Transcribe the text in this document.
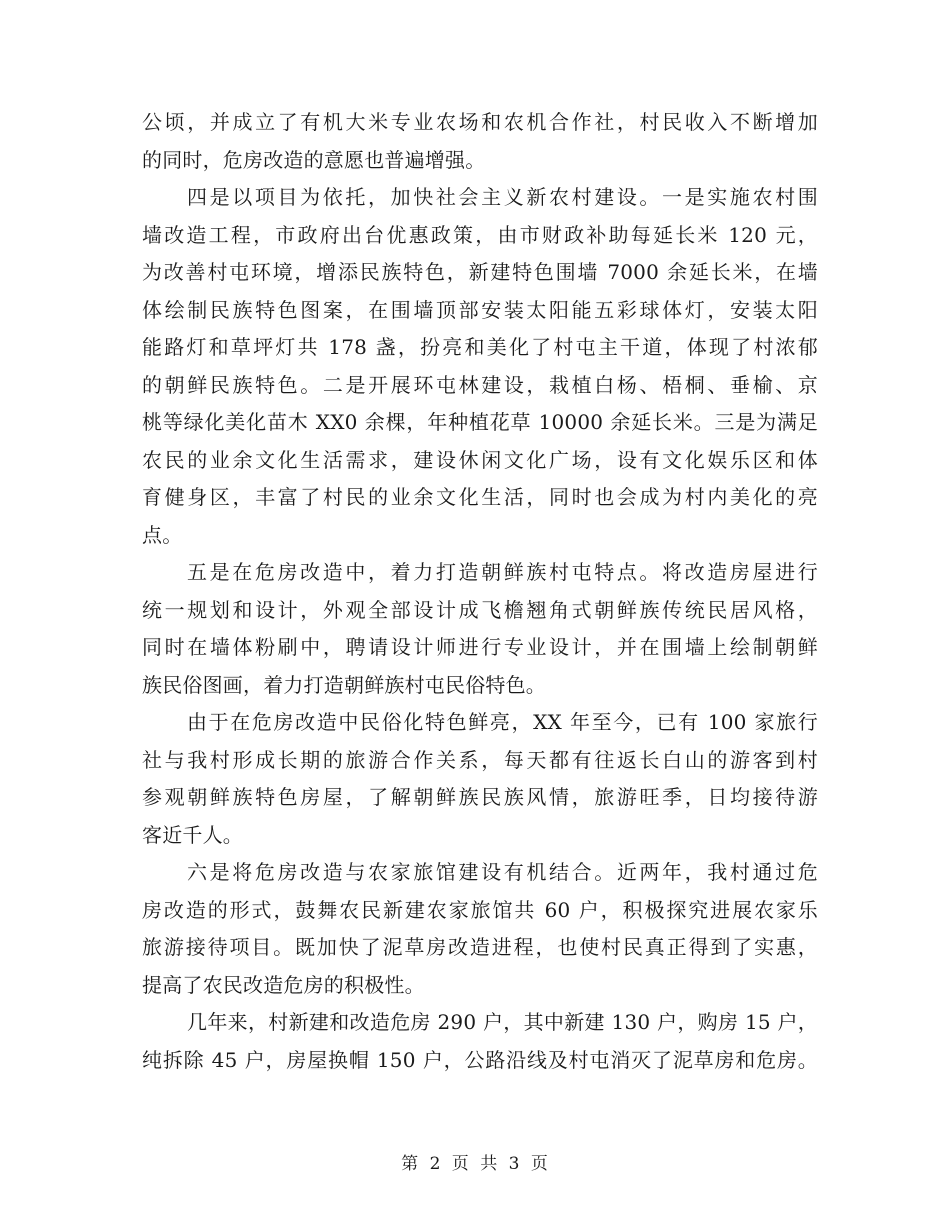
公顷，并成立了有机大米专业农场和农机合作社，村民收入不断增加
的同时，危房改造的意愿也普遍增强。
四是以项目为依托，加快社会主义新农村建设。一是实施农村围
墙改造工程，市政府出台优惠政策，由市财政补助每延长米 120 元，
为改善村屯环境，增添民族特色，新建特色围墙 7000 余延长米，在墙
体绘制民族特色图案，在围墙顶部安装太阳能五彩球体灯，安装太阳
能路灯和草坪灯共 178 盏，扮亮和美化了村屯主干道，体现了村浓郁
的朝鲜民族特色。二是开展环屯林建设，栽植白杨、梧桐、垂榆、京
桃等绿化美化苗木 XX0 余棵，年种植花草 10000 余延长米。三是为满足
农民的业余文化生活需求，建设休闲文化广场，设有文化娱乐区和体
育健身区，丰富了村民的业余文化生活，同时也会成为村内美化的亮
点。
五是在危房改造中，着力打造朝鲜族村屯特点。将改造房屋进行
统一规划和设计，外观全部设计成飞檐翘角式朝鲜族传统民居风格，
同时在墙体粉刷中，聘请设计师进行专业设计，并在围墙上绘制朝鲜
族民俗图画，着力打造朝鲜族村屯民俗特色。
由于在危房改造中民俗化特色鲜亮，XX 年至今，已有 100 家旅行
社与我村形成长期的旅游合作关系，每天都有往返长白山的游客到村
参观朝鲜族特色房屋，了解朝鲜族民族风情，旅游旺季，日均接待游
客近千人。
六是将危房改造与农家旅馆建设有机结合。近两年，我村通过危
房改造的形式，鼓舞农民新建农家旅馆共 60 户，积极探究进展农家乐
旅游接待项目。既加快了泥草房改造进程，也使村民真正得到了实惠，
提高了农民改造危房的积极性。
几年来，村新建和改造危房 290 户，其中新建 130 户，购房 15 户，
纯拆除 45 户，房屋换帽 150 户，公路沿线及村屯消灭了泥草房和危房。
第 2 页 共 3 页
